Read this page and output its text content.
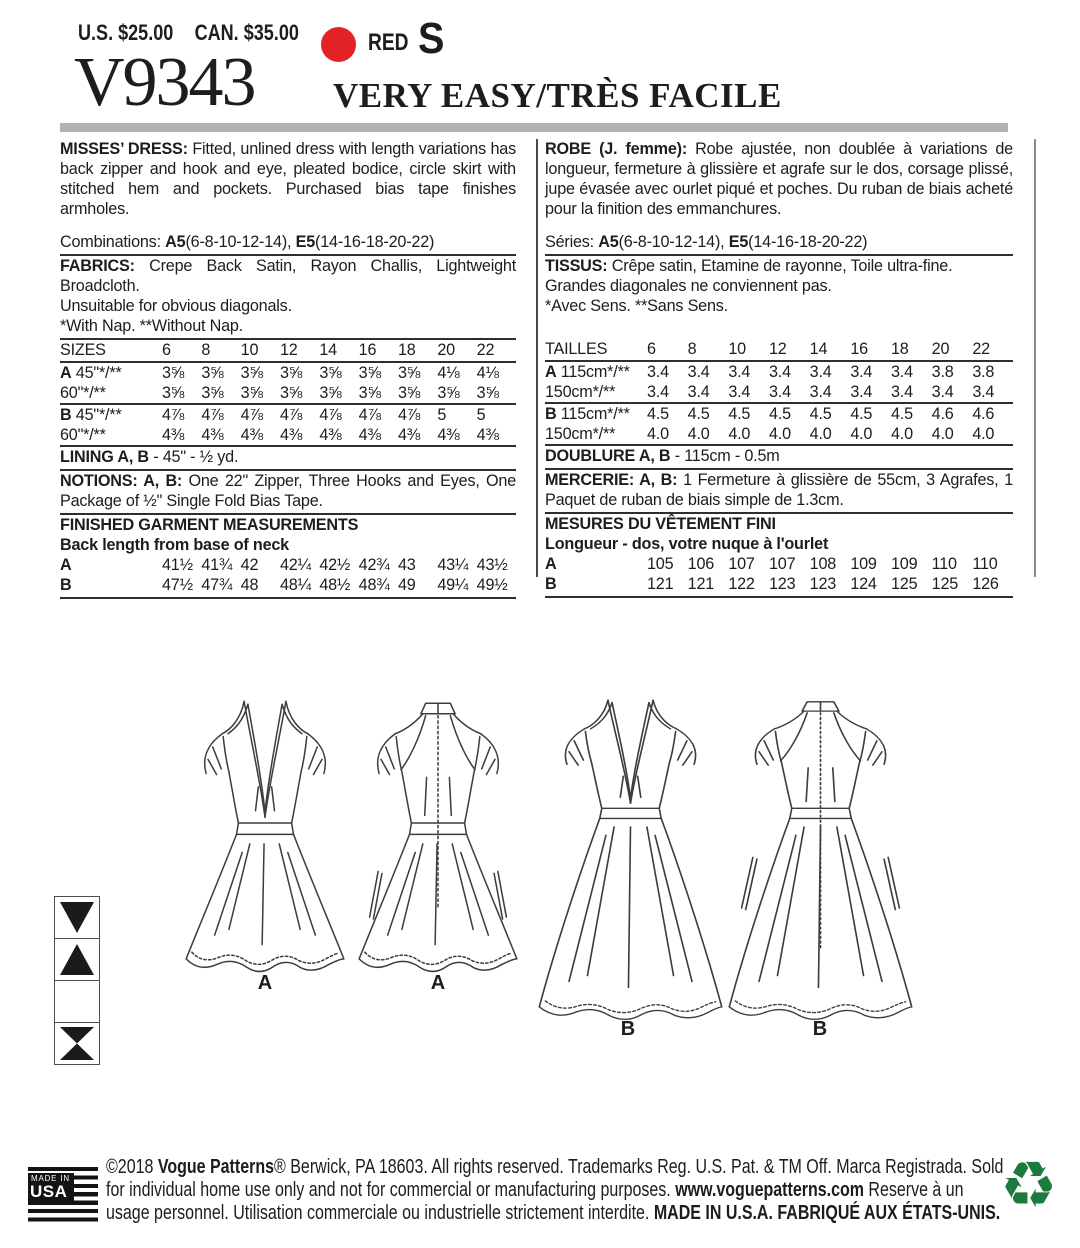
U.S. $25.00 CAN. $35.00	RED S
V9343 VERY EASY/TRÈS FACILE

MISSES’ DRESS: Fitted, unlined dress with length variations has back zipper and hook and eye, pleated bodice, circle skirt with stitched hem and pockets. Purchased bias tape finishes armholes.

Combinations: A5(6-8-10-12-14), E5(14-16-18-20-22)

FABRICS: Crepe Back Satin, Rayon Challis, Lightweight Broadcloth.

Unsuitable for obvious diagonals.
*With Nap. **Without Nap.
SIZES	6	8	10	12	14	16	18	20	22
A 45"*/**	3⅝	3⅝	3⅝	3⅝	3⅝	3⅝	3⅝	4⅛	4⅛
60"*/**	3⅝	3⅝	3⅝	3⅝	3⅝	3⅝	3⅝	3⅝	3⅝
B 45"*/**	4⅞	4⅞	4⅞	4⅞	4⅞	4⅞	4⅞	5	5
60"*/**	4⅜	4⅜	4⅜	4⅜	4⅜	4⅜	4⅜	4⅜	4⅜
LINING A, B - 45" - ½ yd.

NOTIONS: A, B: One 22" Zipper, Three Hooks and Eyes, One Package of ½" Single Fold Bias Tape.

FINISHED GARMENT MEASUREMENTS
Back length from base of neck
A	41½ 41¾ 42	42¼ 42½ 42¾ 43	43¼ 43½
B	47½ 47¾ 48	48¼ 48½ 48¾ 49	49¼ 49½

ROBE (J. femme): Robe ajustée, non doublée à variations de longueur, fermeture à glissière et agrafe sur le dos, corsage plissé, jupe évasée avec ourlet piqué et poches. Du ruban de biais acheté pour la finition des emmanchures.

Séries: A5(6-8-10-12-14), E5(14-16-18-20-22)

TISSUS: Crêpe satin, Etamine de rayonne, Toile ultra-fine.

Grandes diagonales ne conviennent pas.
*Avec Sens. **Sans Sens.
TAILLES	6	8	10	12	14	16	18	20	22
A 115cm*/**	3.4	3.4	3.4	3.4	3.4	3.4	3.4	3.8	3.8
150cm*/**	3.4	3.4	3.4	3.4	3.4	3.4	3.4	3.4	3.4
B 115cm*/**	4.5	4.5	4.5	4.5	4.5	4.5	4.5	4.6	4.6
150cm*/**	4.0	4.0	4.0	4.0	4.0	4.0	4.0	4.0	4.0
DOUBLURE A, B - 115cm - 0.5m

MERCERIE: A, B: 1 Fermeture à glissière de 55cm, 3 Agrafes, 1 Paquet de ruban de biais simple de 1.3cm.

MESURES DU VÊTEMENT FINI
Longueur - dos, votre nuque à l'ourlet
A	105 106 107 107 108 109 109 110 110
B	121 121 122 123 123 124 125 125 126
A	A
B	B
MADE IN
USA
©2018 Vogue Patterns® Berwick, PA 18603. All rights reserved. Trademarks Reg. U.S. Pat. & TM Off. Marca Registrada. Sold
for individual home use only and not for commercial or manufacturing purposes. www.voguepatterns.com Reserve à un
usage personnel. Utilisation commerciale ou industrielle strictement interdite. MADE IN U.S.A. FABRIQUÉ AUX ÉTATS-UNIS. ♻
